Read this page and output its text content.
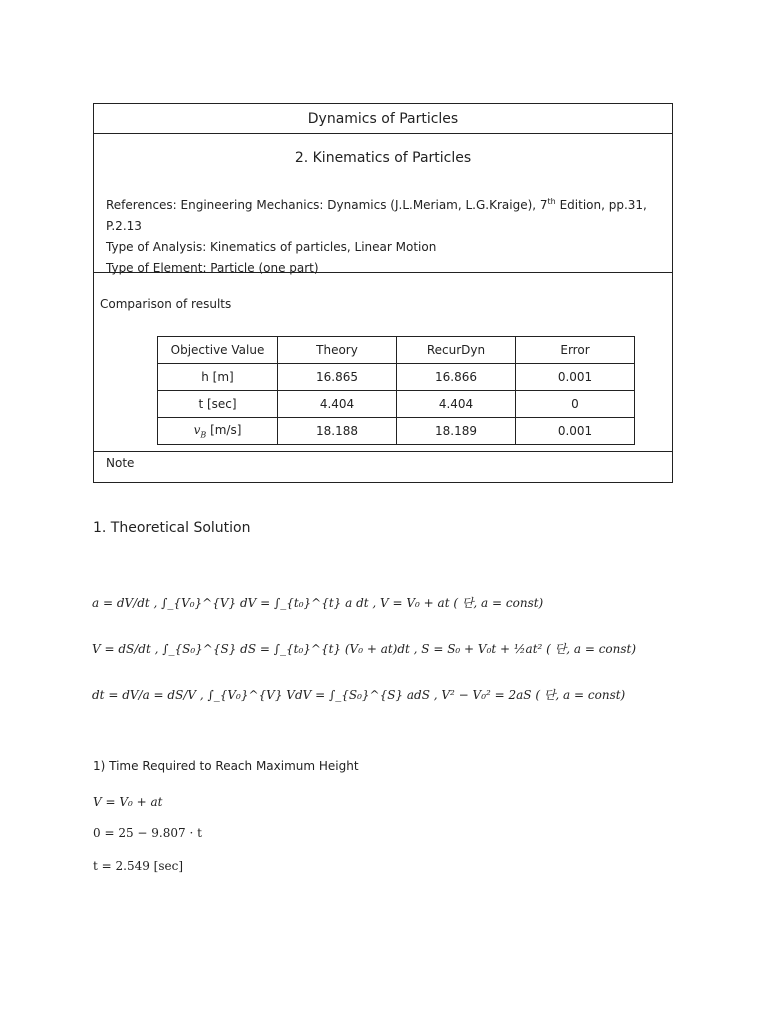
Dynamics of Particles
2. Kinematics of Particles
References: Engineering Mechanics: Dynamics (J.L.Meriam, L.G.Kraige), 7th Edition, pp.31, P.2.13
Type of Analysis: Kinematics of particles, Linear Motion
Type of Element: Particle (one part)
Comparison of results
Objective Value	Theory	RecurDyn	Error
h [m]	16.865	16.866	0.001
t [sec]	4.404	4.404	0
$v_B$ [m/s]	18.188	18.189	0.001
Note
1. Theoretical Solution
a = dV/dt , ∫_{V₀}^{V} dV = ∫_{t₀}^{t} a dt , V = V₀ + at ( 단, a = const)
V = dS/dt , ∫_{S₀}^{S} dS = ∫_{t₀}^{t} (V₀ + at)dt , S = S₀ + V₀t + ½at² ( 단, a = const)
dt = dV/a = dS/V , ∫_{V₀}^{V} VdV = ∫_{S₀}^{S} adS , V² − V₀² = 2aS ( 단, a = const)
1) Time Required to Reach Maximum Height
V = V₀ + at
0 = 25 − 9.807 · t
t = 2.549 [sec]
